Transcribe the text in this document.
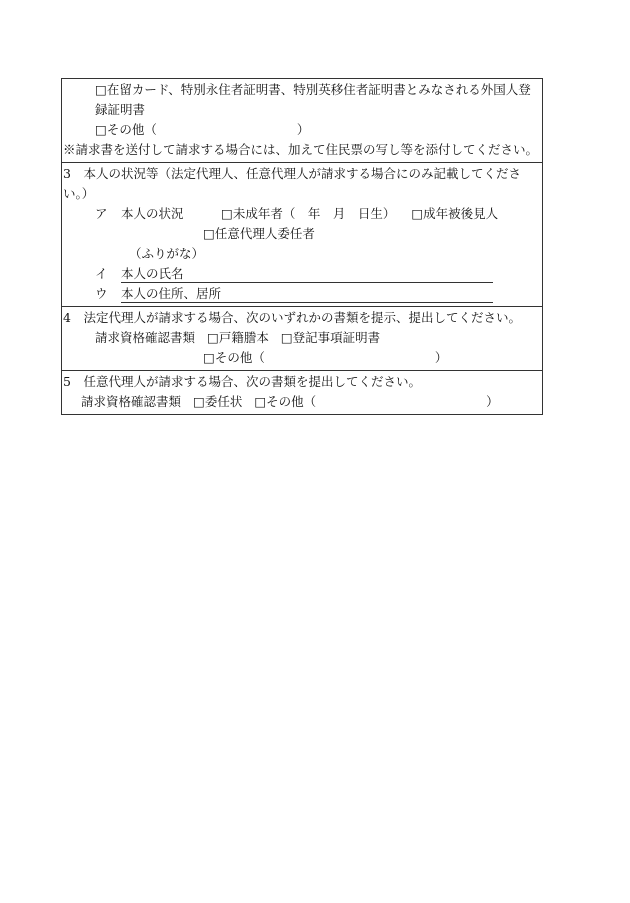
□ 在留カード、特別永住者証明書、特別英移住者証明書とみなされる外国人登録証明書
□ その他（	）
※請求書を送付して請求する場合には、加えて住民票の写し等を添付してください。
3　本人の状況等（法定代理人、任意代理人が請求する場合にのみ記載してください。）
ア 本人の状況 □	未成年者（　年　月　日生） □ 成年被後見人
□ 任意代理人委任者
（ふりがな）
イ 本人の氏名
ウ 本人の住所、居所
4　法定代理人が請求する場合、次のいずれかの書類を提示、提出してください。
請求資格確認書類 □ 戸籍謄本 □ 登記事項証明書
□ その他（	）
5　任意代理人が請求する場合、次の書類を提出してください。
請求資格確認書類 □ 委任状 □ その他（	）
